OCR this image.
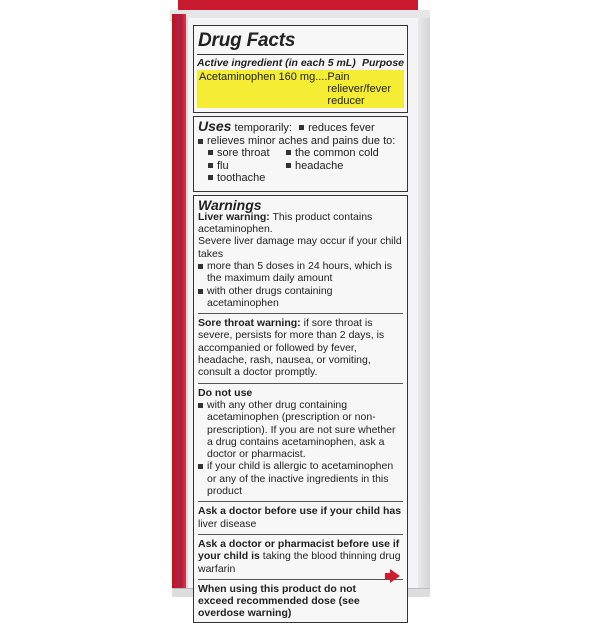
Drug Facts
Active ingredient (in each 5 mL) Purpose
Acetaminophen 160 mg .... Pain reliever/fever reducer
Uses temporarily: reduces fever
relieves minor aches and pains due to:
sore throat	the common cold
flu	headache
toothache
Warnings
Liver warning: This product contains acetaminophen.
Severe liver damage may occur if your child takes
more than 5 doses in 24 hours, which is the maximum daily amount
with other drugs containing acetaminophen
Sore throat warning: if sore throat is severe, persists for more than 2 days, is accompanied or followed by fever, headache, rash, nausea, or vomiting, consult a doctor promptly.
Do not use
with any other drug containing acetaminophen (prescription or non-prescription). If you are not sure whether a drug contains acetaminophen, ask a doctor or pharmacist.
if your child is allergic to acetaminophen or any of the inactive ingredients in this product
Ask a doctor before use if your child has
liver disease
Ask a doctor or pharmacist before use if
your child is taking the blood thinning drug warfarin
When using this product do not exceed recommended dose (see overdose warning)
